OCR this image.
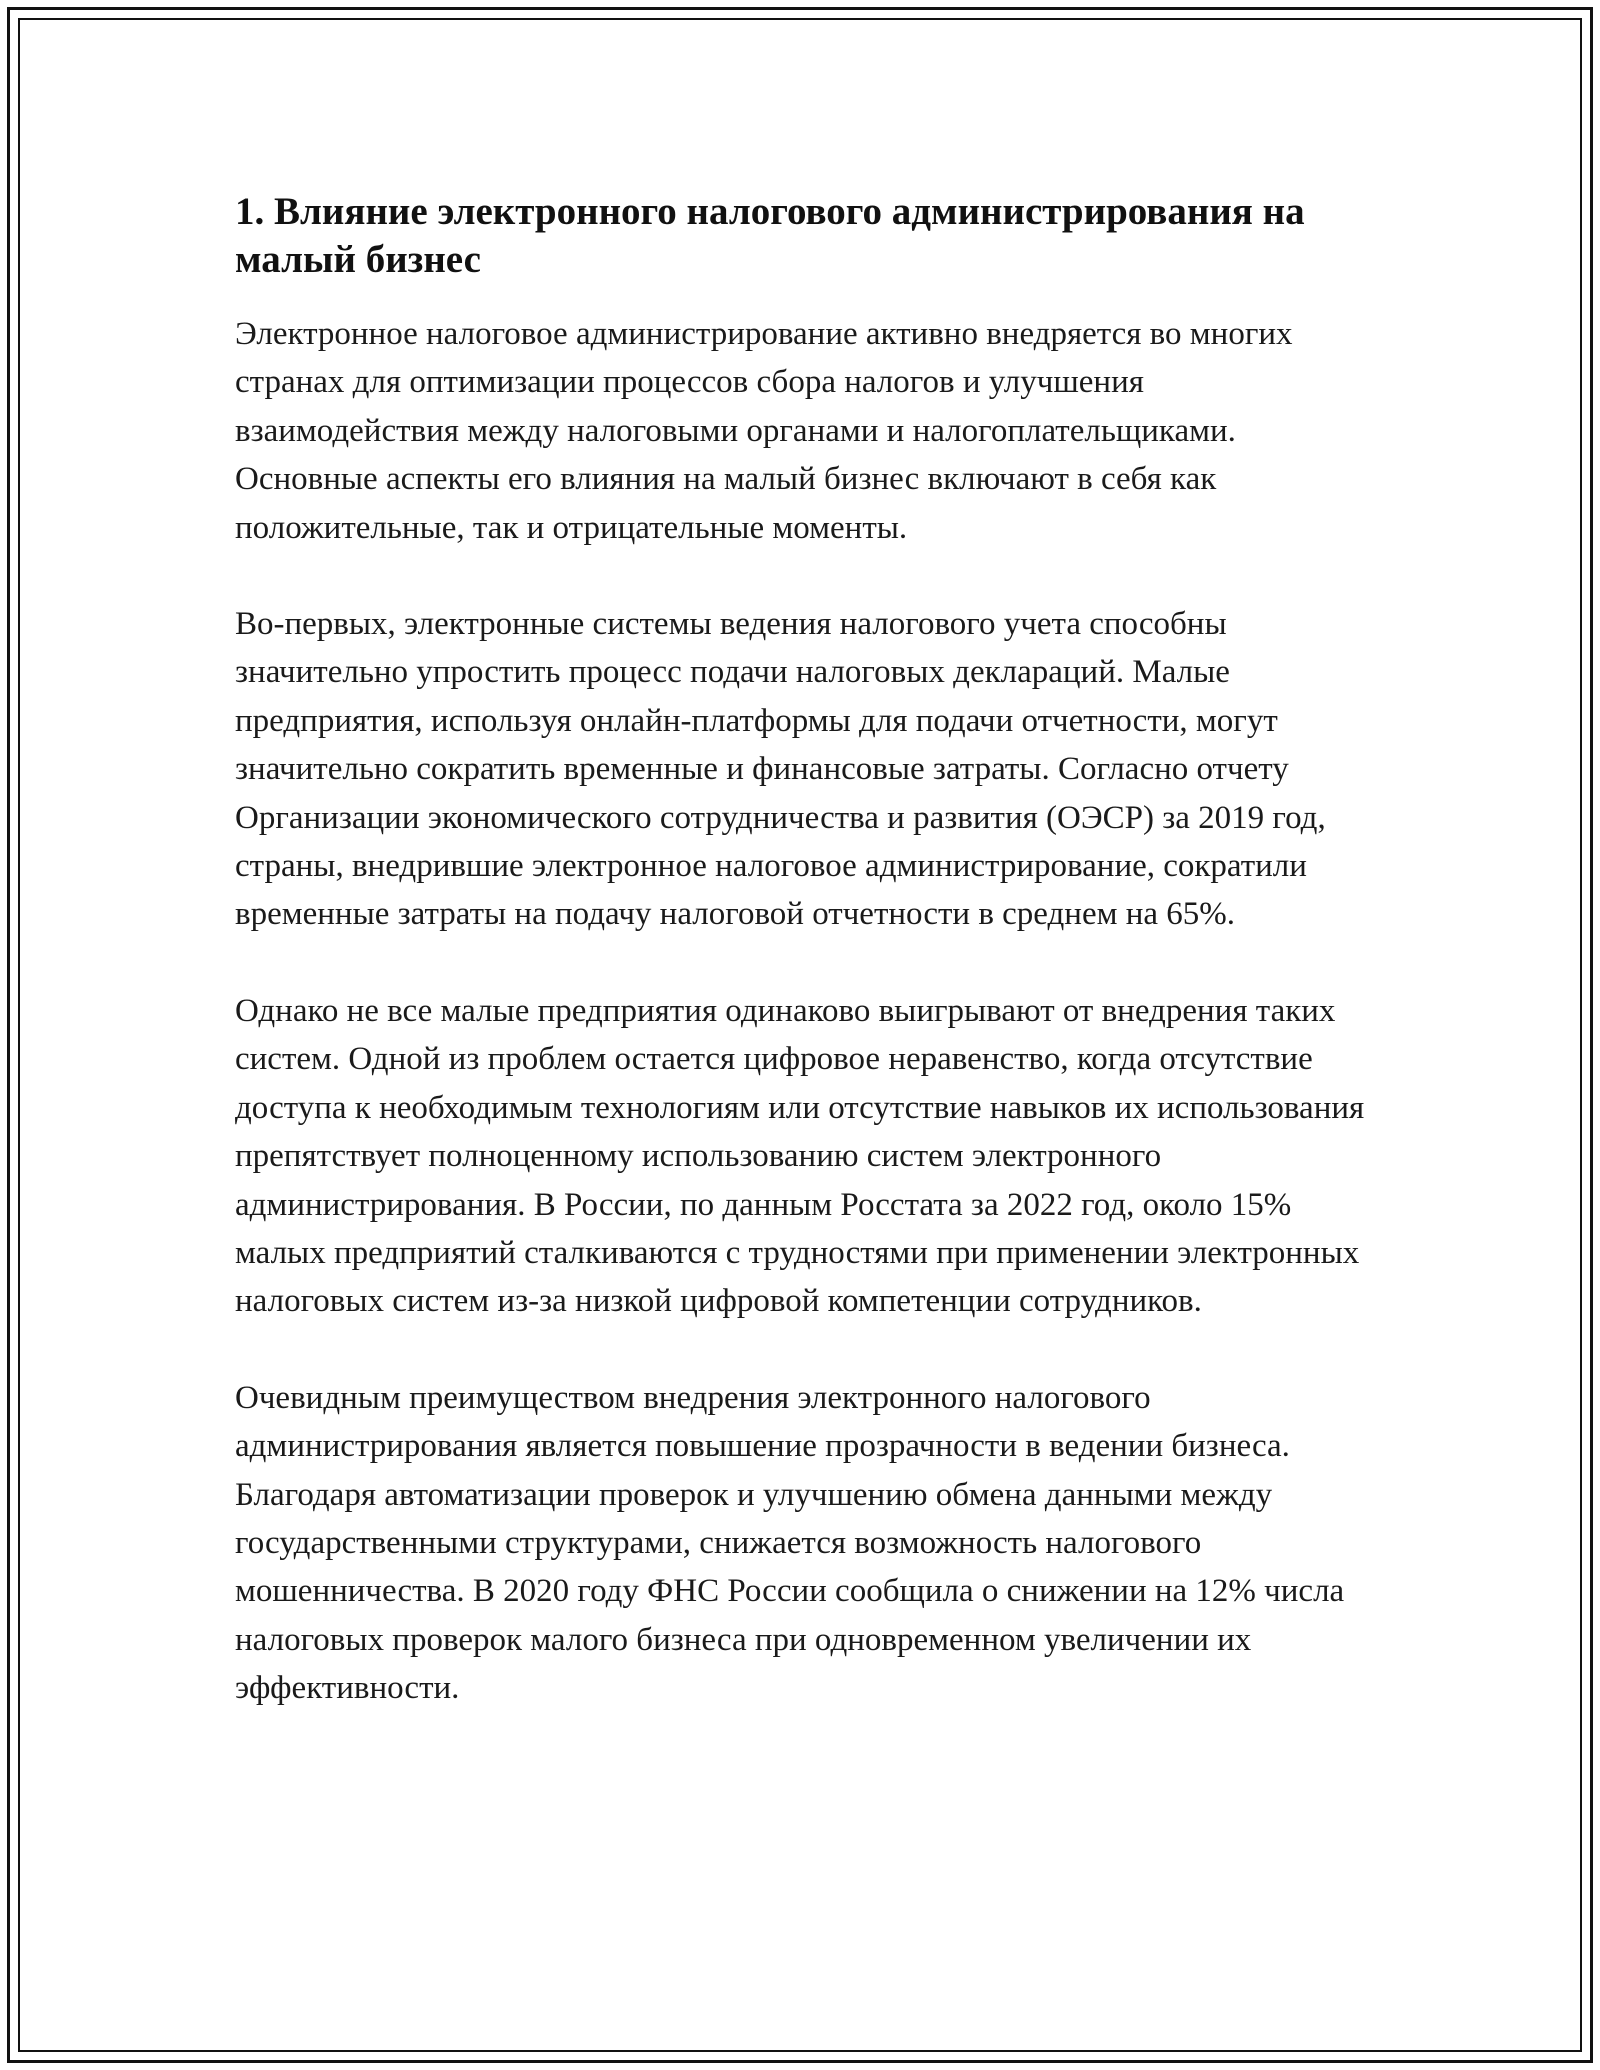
1. Влияние электронного налогового администрирования на малый бизнес

Электронное налоговое администрирование активно внедряется во многих странах для оптимизации процессов сбора налогов и улучшения взаимодействия между налоговыми органами и налогоплательщиками. Основные аспекты его влияния на малый бизнес включают в себя как положительные, так и отрицательные моменты.

Во-первых, электронные системы ведения налогового учета способны значительно упростить процесс подачи налоговых деклараций. Малые предприятия, используя онлайн-платформы для подачи отчетности, могут значительно сократить временные и финансовые затраты. Согласно отчету Организации экономического сотрудничества и развития (ОЭСР) за 2019 год, страны, внедрившие электронное налоговое администрирование, сократили временные затраты на подачу налоговой отчетности в среднем на 65%.

Однако не все малые предприятия одинаково выигрывают от внедрения таких систем. Одной из проблем остается цифровое неравенство, когда отсутствие доступа к необходимым технологиям или отсутствие навыков их использования препятствует полноценному использованию систем электронного администрирования. В России, по данным Росстата за 2022 год, около 15% малых предприятий сталкиваются с трудностями при применении электронных налоговых систем из-за низкой цифровой компетенции сотрудников.

Очевидным преимуществом внедрения электронного налогового администрирования является повышение прозрачности в ведении бизнеса. Благодаря автоматизации проверок и улучшению обмена данными между государственными структурами, снижается возможность налогового мошенничества. В 2020 году ФНС России сообщила о снижении на 12% числа налоговых проверок малого бизнеса при одновременном увеличении их эффективности.
